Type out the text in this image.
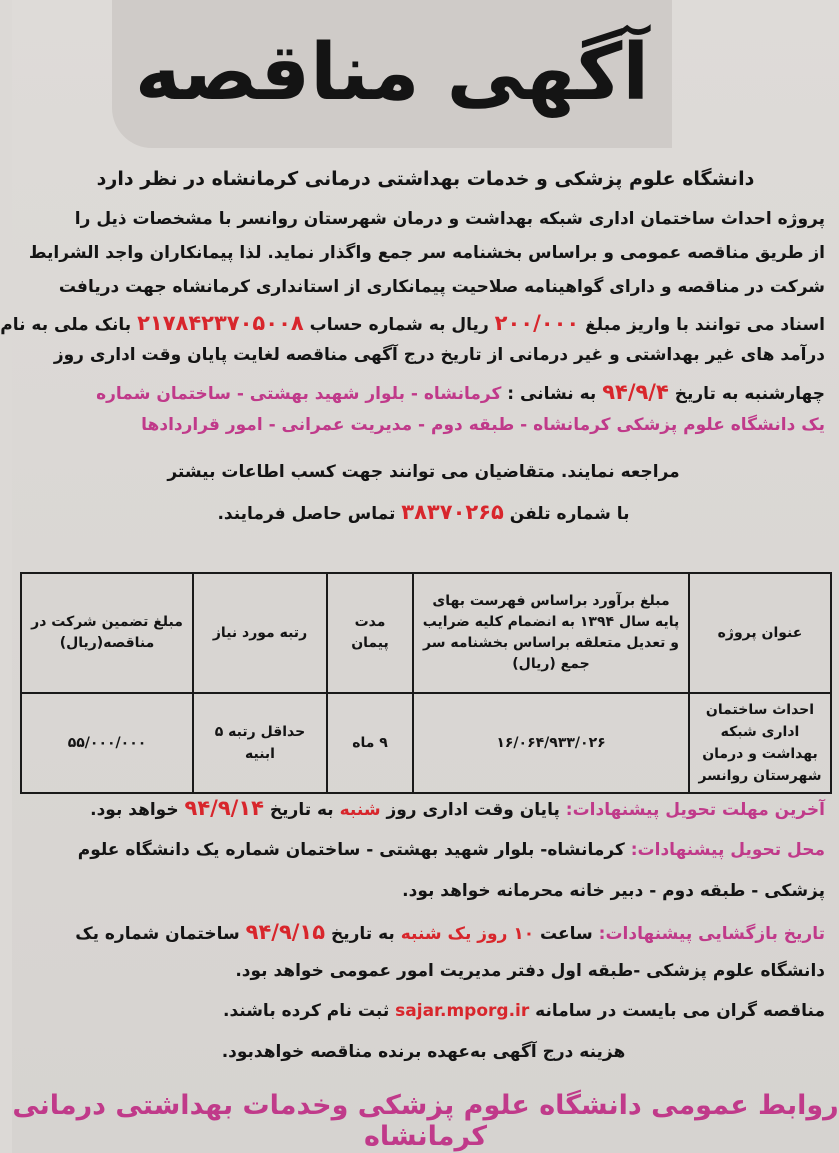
آگهی مناقصه
دانشگاه علوم پزشکی و خدمات بهداشتی درمانی کرمانشاه در نظر دارد
پروژه احداث ساختمان اداری شبکه بهداشت و درمان شهرستان روانسر با مشخصات ذیل را
از طریق مناقصه عمومی و براساس بخشنامه سر جمع واگذار نماید. لذا پیمانکاران واجد الشرایط
شرکت در مناقصه و دارای گواهینامه صلاحیت پیمانکاری از استانداری کرمانشاه جهت دریافت
اسناد می توانند با واریز مبلغ ۲۰۰/۰۰۰ ریال به شماره حساب ۲۱۷۸۴۲۳۷۰۵۰۰۸ بانک ملی به نام
درآمد های غیر بهداشتی و غیر درمانی از تاریخ درج آگهی مناقصه لغایت پایان وقت اداری روز
چهارشنبه به تاریخ ۹۴/۹/۴ به نشانی : کرمانشاه - بلوار شهید بهشتی - ساختمان شماره
یک دانشگاه علوم پزشکی کرمانشاه - طبقه دوم - مدیریت عمرانی - امور قراردادها
مراجعه نمایند. متقاضیان می توانند جهت کسب اطاعات بیشتر
با شماره تلفن ۳۸۳۷۰۲۶۵ تماس حاصل فرمایند.
عنوان پروژه	مبلغ برآورد براساس فهرست بهای پایه سال ۱۳۹۴ به انضمام کلیه ضرایب و تعدیل متعلقه براساس بخشنامه سر جمع (ریال)	مدت پیمان	رتبه مورد نیاز	مبلغ تضمین شرکت در مناقصه(ریال)
احداث ساختمان اداری شبکه بهداشت و درمان شهرستان روانسر	۱۶/۰۶۴/۹۳۳/۰۲۶	۹ ماه	حداقل رتبه ۵ ابنیه	۵۵/۰۰۰/۰۰۰
آخرین مهلت تحویل پیشنهادات: پایان وقت اداری روز شنبه به تاریخ ۹۴/۹/۱۴ خواهد بود.
محل تحویل پیشنهادات: کرمانشاه- بلوار شهید بهشتی - ساختمان شماره یک دانشگاه علوم
پزشکی - طبقه دوم - دبیر خانه محرمانه خواهد بود.
تاریخ بازگشایی پیشنهادات: ساعت ۱۰ روز یک شنبه به تاریخ ۹۴/۹/۱۵ ساختمان شماره یک
دانشگاه علوم پزشکی -طبقه اول دفتر مدیریت امور عمومی خواهد بود.
مناقصه گران می بایست در سامانه sajar.mporg.ir ثبت نام کرده باشند.
هزینه درج آگهی به‌عهده برنده مناقصه خواهدبود.
روابط عمومی دانشگاه علوم پزشکی وخدمات بهداشتی درمانی کرمانشاه
